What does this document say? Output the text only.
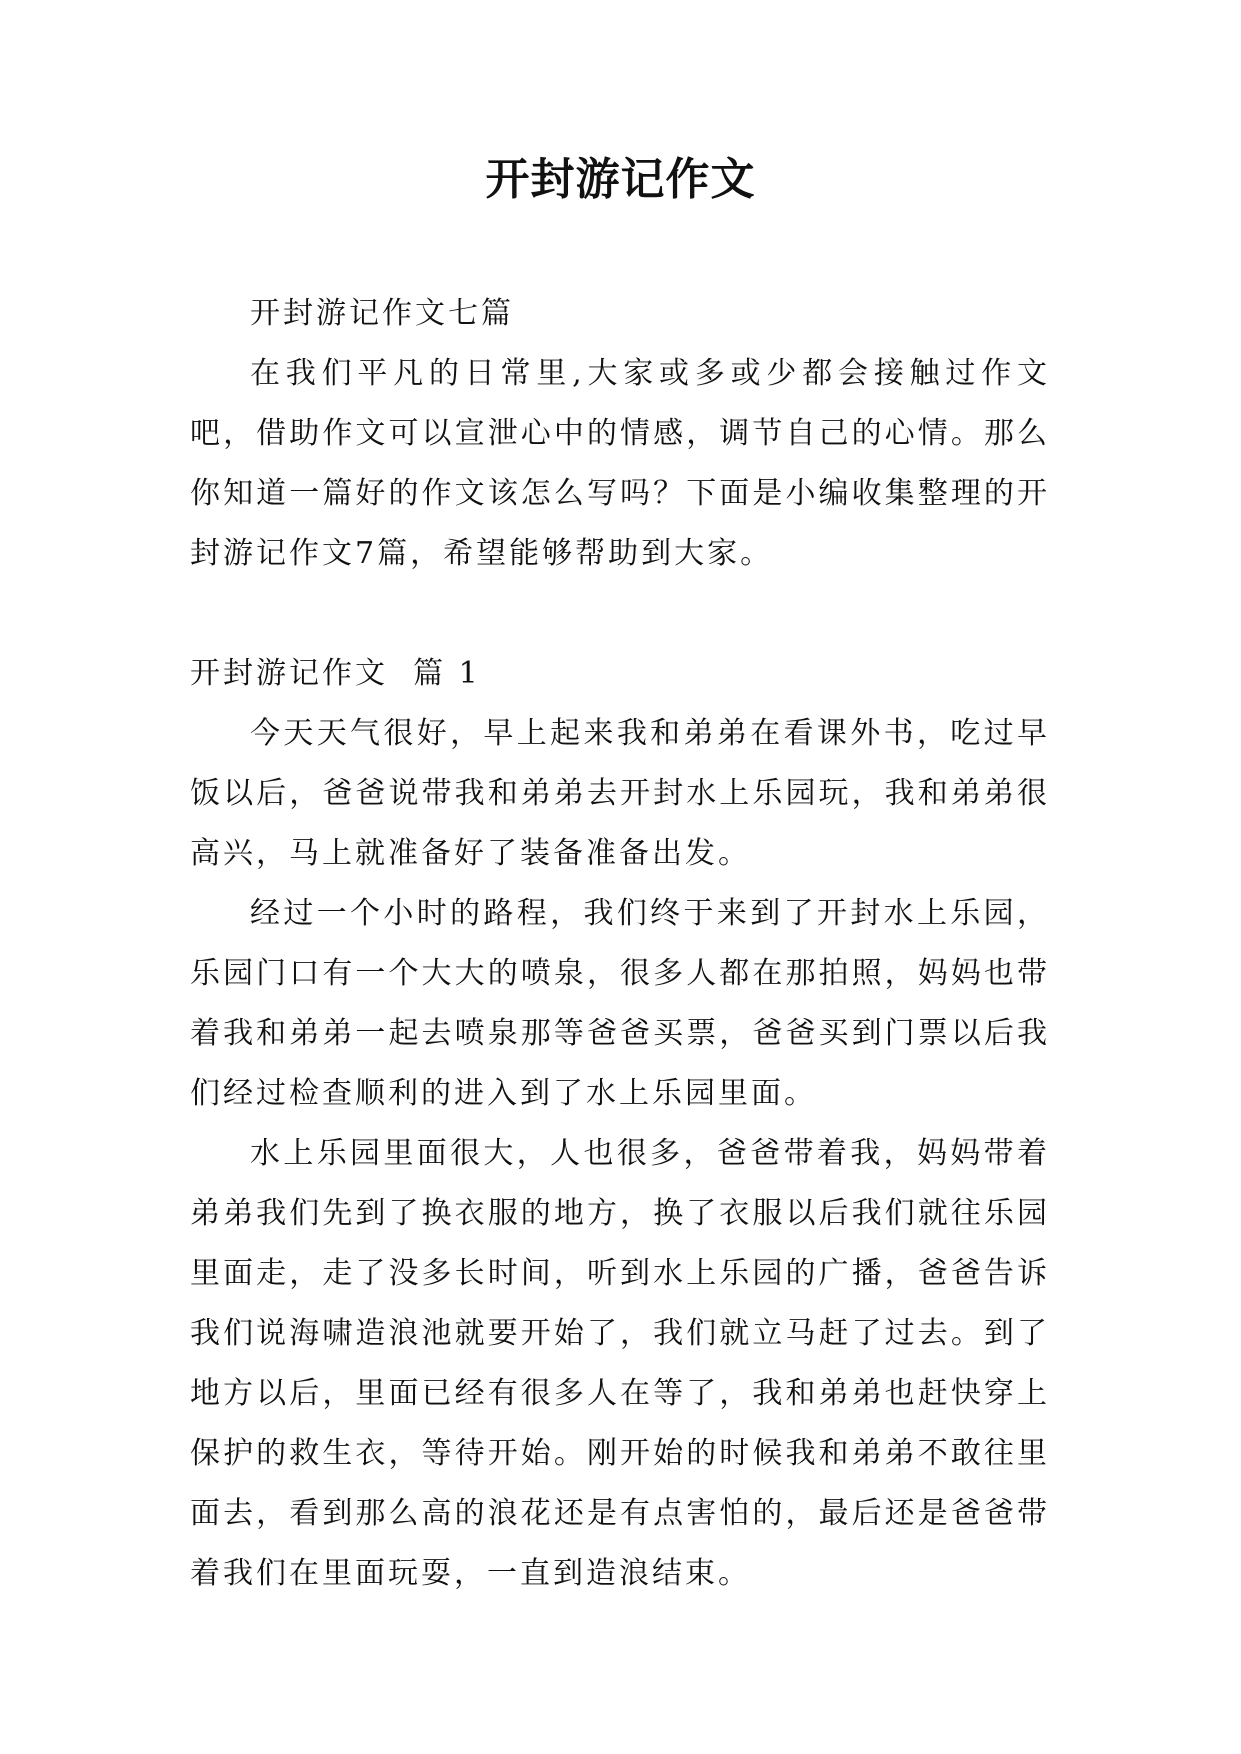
开封游记作文

开封游记作文七篇

在我们平凡的日常里,大家或多或少都会接触过作文吧，借助作文可以宣泄心中的情感，调节自己的心情。那么你知道一篇好的作文该怎么写吗？下面是小编收集整理的开封游记作文7篇，希望能够帮助到大家。

开封游记作文  篇 1

今天天气很好，早上起来我和弟弟在看课外书，吃过早饭以后，爸爸说带我和弟弟去开封水上乐园玩，我和弟弟很高兴，马上就准备好了装备准备出发。

经过一个小时的路程，我们终于来到了开封水上乐园，乐园门口有一个大大的喷泉，很多人都在那拍照，妈妈也带着我和弟弟一起去喷泉那等爸爸买票，爸爸买到门票以后我们经过检查顺利的进入到了水上乐园里面。

水上乐园里面很大，人也很多，爸爸带着我，妈妈带着弟弟我们先到了换衣服的地方，换了衣服以后我们就往乐园里面走，走了没多长时间，听到水上乐园的广播，爸爸告诉我们说海啸造浪池就要开始了，我们就立马赶了过去。到了地方以后，里面已经有很多人在等了，我和弟弟也赶快穿上保护的救生衣，等待开始。刚开始的时候我和弟弟不敢往里面去，看到那么高的浪花还是有点害怕的，最后还是爸爸带着我们在里面玩耍，一直到造浪结束。
